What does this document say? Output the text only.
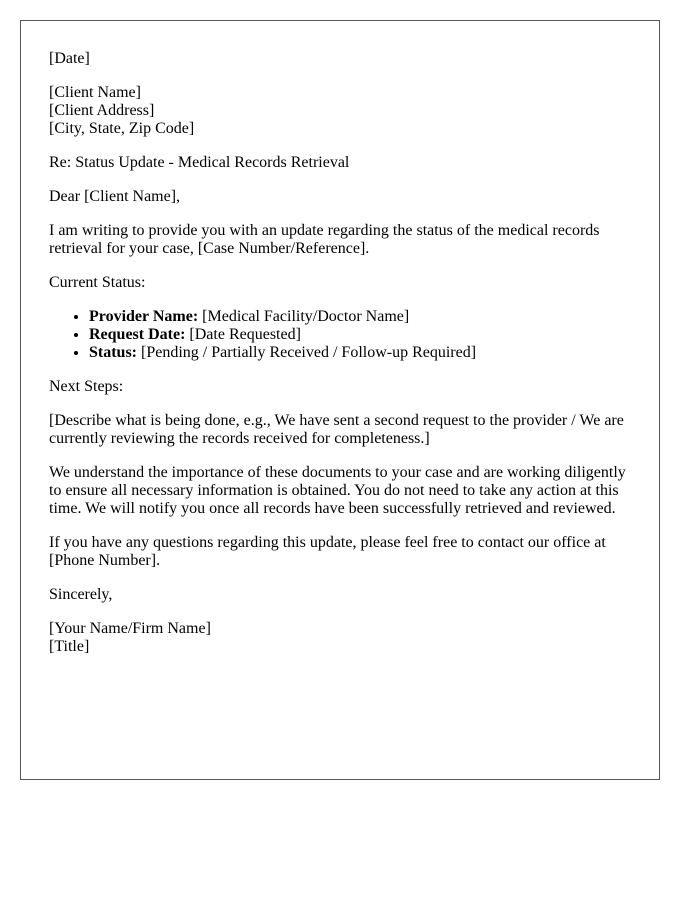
[Date]

[Client Name]
[Client Address]
[City, State, Zip Code]

Re: Status Update - Medical Records Retrieval

Dear [Client Name],

I am writing to provide you with an update regarding the status of the medical records retrieval for your case, [Case Number/Reference].

Current Status:

• Provider Name: [Medical Facility/Doctor Name]
• Request Date: [Date Requested]
• Status: [Pending / Partially Received / Follow-up Required]

Next Steps:

[Describe what is being done, e.g., We have sent a second request to the provider / We are currently reviewing the records received for completeness.]

We understand the importance of these documents to your case and are working diligently to ensure all necessary information is obtained. You do not need to take any action at this time. We will notify you once all records have been successfully retrieved and reviewed.

If you have any questions regarding this update, please feel free to contact our office at [Phone Number].

Sincerely,

[Your Name/Firm Name]
[Title]
